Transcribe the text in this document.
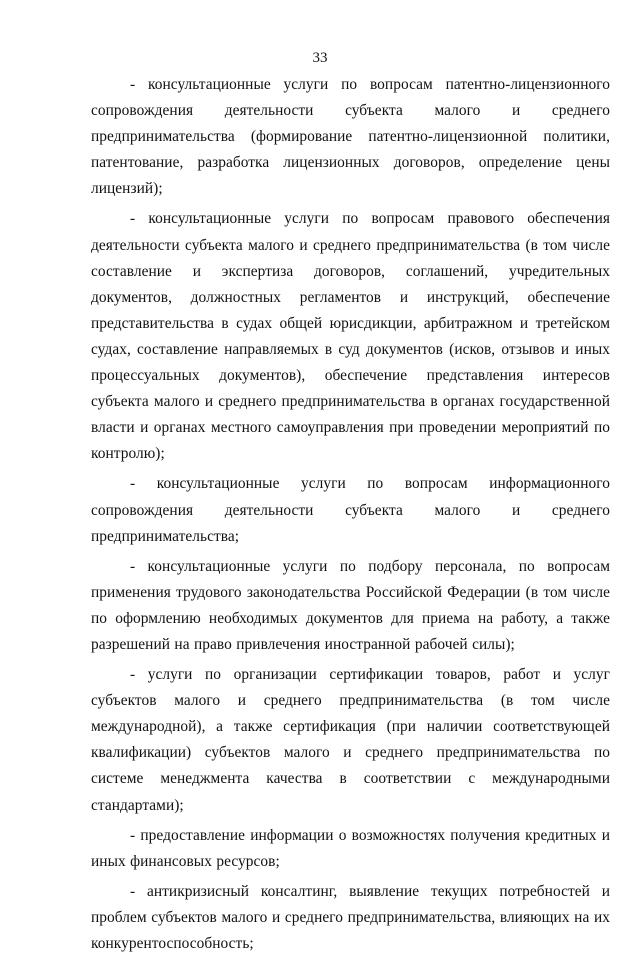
33

- консультационные услуги по вопросам патентно-лицензионного сопровождения деятельности субъекта малого и среднего предпринимательства (формирование патентно-лицензионной политики, патентование, разработка лицензионных договоров, определение цены лицензий);

- консультационные услуги по вопросам правового обеспечения деятельности субъекта малого и среднего предпринимательства (в том числе составление и экспертиза договоров, соглашений, учредительных документов, должностных регламентов и инструкций, обеспечение представительства в судах общей юрисдикции, арбитражном и третейском судах, составление направляемых в суд документов (исков, отзывов и иных процессуальных документов), обеспечение представления интересов субъекта малого и среднего предпринимательства в органах государственной власти и органах местного самоуправления при проведении мероприятий по контролю);

- консультационные услуги по вопросам информационного сопровождения деятельности субъекта малого и среднего предпринимательства;

- консультационные услуги по подбору персонала, по вопросам применения трудового законодательства Российской Федерации (в том числе по оформлению необходимых документов для приема на работу, а также разрешений на право привлечения иностранной рабочей силы);

- услуги по организации сертификации товаров, работ и услуг субъектов малого и среднего предпринимательства (в том числе международной), а также сертификация (при наличии соответствующей квалификации) субъектов малого и среднего предпринимательства по системе менеджмента качества в соответствии с международными стандартами);

- предоставление информации о возможностях получения кредитных и иных финансовых ресурсов;

- антикризисный консалтинг, выявление текущих потребностей и проблем субъектов малого и среднего предпринимательства, влияющих на их конкурентоспособность;
